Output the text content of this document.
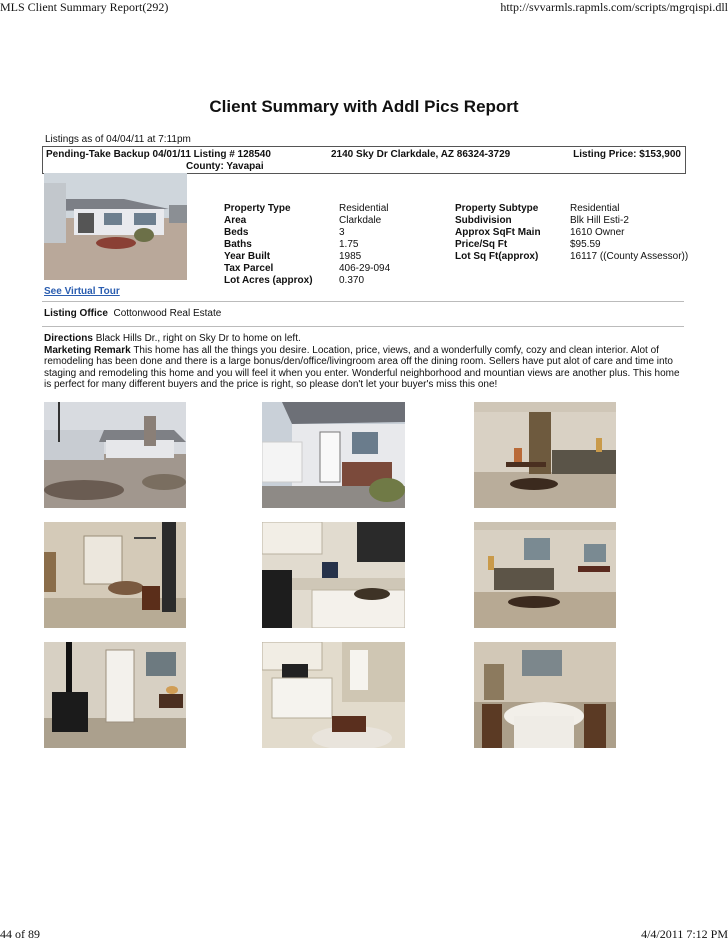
MLS Client Summary Report(292)	http://svvarmls.rapmls.com/scripts/mgrqispi.dll
Client Summary with Addl Pics Report
Listings as of 04/04/11 at 7:11pm
Pending-Take Backup 04/01/11 Listing # 128540
County: Yavapai
2140 Sky Dr Clarkdale, AZ 86324-3729	Listing Price: $153,900
Property Type	Residential
Area	Clarkdale
Beds	3
Baths	1.75
Year Built	1985
Tax Parcel	406-29-094
Lot Acres (approx)	0.370
Property Subtype	Residential
Subdivision	Blk Hill Esti-2
Approx SqFt Main	1610 Owner
Price/Sq Ft	$95.59
Lot Sq Ft(approx)	16117 ((County Assessor))
See Virtual Tour
Listing Office Cottonwood Real Estate
Directions Black Hills Dr., right on Sky Dr to home on left.
Marketing Remark This home has all the things you desire. Location, price, views, and a wonderfully comfy, cozy and clean interior. Alot of remodeling has been done and there is a large bonus/den/office/livingroom area off the dining room. Sellers have put alot of care and time into staging and remodeling this home and you will feel it when you enter. Wonderful neighborhood and mountian views are another plus. This home is perfect for many different buyers and the price is right, so please don't let your buyer's miss this one!
44 of 89	4/4/2011 7:12 PM
